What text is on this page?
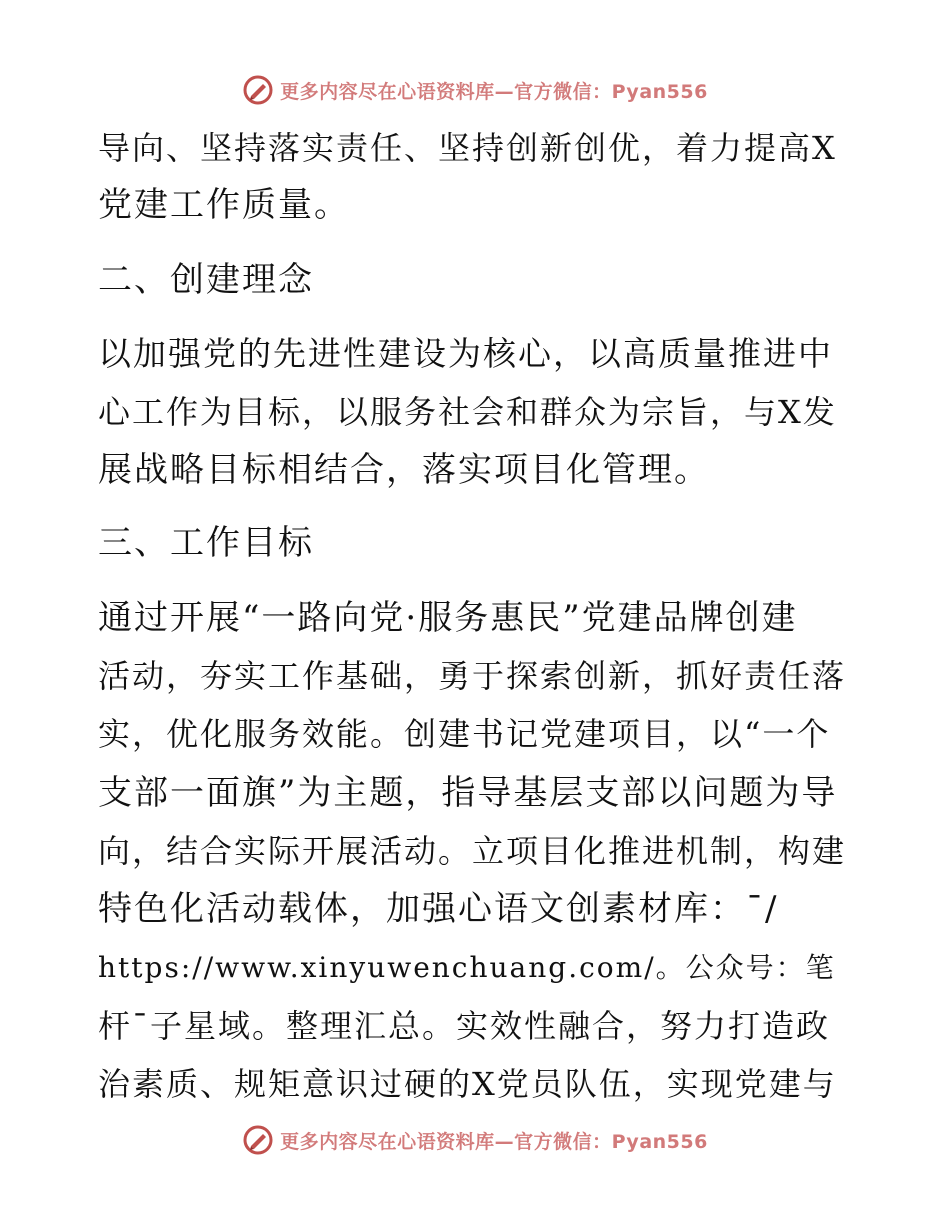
更多内容尽在心语资料库—官方微信：Pyan556
导向、坚持落实责任、坚持创新创优，着力提高X
党建工作质量。
二、创建理念
以加强党的先进性建设为核心，以高质量推进中
心工作为目标，以服务社会和群众为宗旨，与X发
展战略目标相结合，落实项目化管理。
三、工作目标
通过开展“一路向党·服务惠民”党建品牌创建
活动，夯实工作基础，勇于探索创新，抓好责任落
实，优化服务效能。创建书记党建项目，以“一个
支部一面旗”为主题，指导基层支部以问题为导
向，结合实际开展活动。立项目化推进机制，构建
特色化活动载体，加强心语文创素材库：¯/
https://www.xinyuwenchuang.com/。公众号：笔
杆¯子星域。整理汇总。实效性融合，努力打造政
治素质、规矩意识过硬的X党员队伍，实现党建与
更多内容尽在心语资料库—官方微信：Pyan556
